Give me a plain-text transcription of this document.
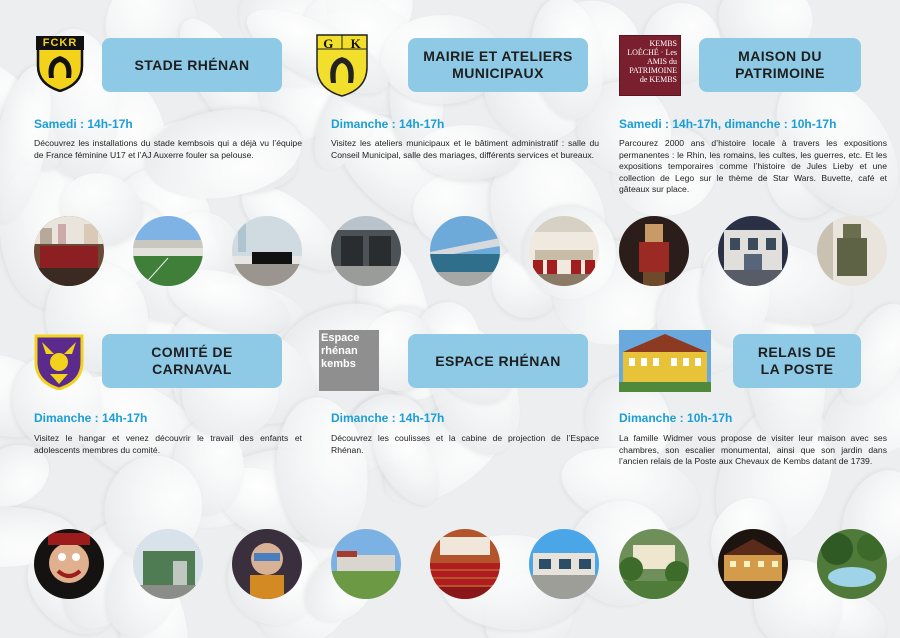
FCKR
STADE RHÉNAN
Samedi : 14h-17h
Découvrez les installations du stade kembsois qui a déjà vu l’équipe de France féminine U17 et l’AJ Auxerre fouler sa pelouse.
G K
MAIRIE ET ATELIERS MUNICIPAUX
Dimanche : 14h-17h
Visitez les ateliers municipaux et le bâtiment administratif : salle du Conseil Municipal, salle des mariages, différents services et bureaux.
KEMBS LOÉCHÉ · Les AMIS du PATRIMOINE de KEMBS
MAISON DU PATRIMOINE
Samedi : 14h-17h, dimanche : 10h-17h
Parcourez 2000 ans d’histoire locale à travers les expositions permanentes : le Rhin, les romains, les cultes, les guerres, etc. Et les expositions temporaires comme l’histoire de Jules Lieby et une collection de Lego sur le thème de Star Wars. Buvette, café et gâteaux sur place.
COMITÉ DE CARNAVAL
Dimanche : 14h-17h
Visitez le hangar et venez découvrir le travail des enfants et adolescents membres du comité.
Espace rhénan kembs	ESPACE RHÉNAN
Dimanche : 14h-17h
Découvrez les coulisses et la cabine de projection de l’Espace Rhénan.
RELAIS DE LA POSTE
Dimanche : 10h-17h
La famille Widmer vous propose de visiter leur maison avec ses chambres, son escalier monumental, ainsi que son jardin dans l’ancien relais de la Poste aux Chevaux de Kembs datant de 1739.
